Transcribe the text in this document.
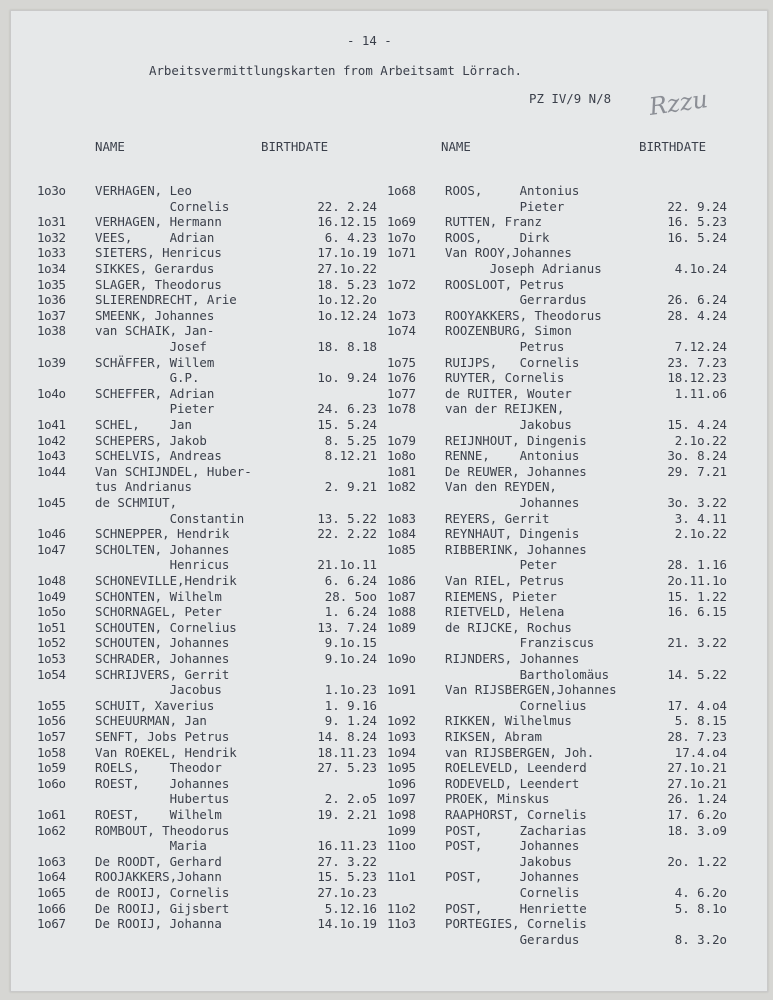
- 14 -
Arbeitsvermittlungskarten from Arbeitsamt Lörrach.
PZ IV/9 N/8 Rzzu
NAME	BIRTHDATE	NAME	BIRTHDATE
1o3o VERHAGEN, Leo
Cornelis	22. 2.24
1o31 VERHAGEN, Hermann	16.12.15
1o32 VEES,     Adrian	6. 4.23
1o33 SIETERS, Henricus	17.1o.19
1o34 SIKKES, Gerardus	27.1o.22
1o35 SLAGER, Theodorus	18. 5.23
1o36 SLIERENDRECHT, Arie	1o.12.2o
1o37 SMEENK, Johannes	1o.12.24
1o38 van SCHAIK, Jan-
Josef	18. 8.18
1o39 SCHÄFFER, Willem
G.P.	1o. 9.24
1o4o SCHEFFER, Adrian
Pieter	24. 6.23
1o41 SCHEL,    Jan	15. 5.24
1o42 SCHEPERS, Jakob	8. 5.25
1o43 SCHELVIS, Andreas	8.12.21
1o44 Van SCHIJNDEL, Huber-
tus Andrianus	2. 9.21
1o45 de SCHMIUT,
Constantin	13. 5.22
1o46 SCHNEPPER, Hendrik	22. 2.22
1o47 SCHOLTEN, Johannes
Henricus	21.1o.11
1o48 SCHONEVILLE,Hendrik	6. 6.24
1o49 SCHONTEN, Wilhelm	28. 5oo
1o5o SCHORNAGEL, Peter	1. 6.24
1o51 SCHOUTEN, Cornelius	13. 7.24
1o52 SCHOUTEN, Johannes	9.1o.15
1o53 SCHRADER, Johannes	9.1o.24
1o54 SCHRIJVERS, Gerrit
Jacobus	1.1o.23
1o55 SCHUIT, Xaverius	1. 9.16
1o56 SCHEUURMAN, Jan	9. 1.24
1o57 SENFT, Jobs Petrus	14. 8.24
1o58 Van ROEKEL, Hendrik	18.11.23
1o59 ROELS,    Theodor	27. 5.23
1o6o ROEST,    Johannes
Hubertus	2. 2.o5
1o61 ROEST,    Wilhelm	19. 2.21
1o62 ROMBOUT, Theodorus
Maria	16.11.23
1o63 De ROODT, Gerhard	27. 3.22
1o64 ROOJAKKERS,Johann	15. 5.23
1o65 de ROOIJ, Cornelis	27.1o.23
1o66 De ROOIJ, Gijsbert	5.12.16
1o67 De ROOIJ, Johanna	14.1o.19
1o68 ROOS,     Antonius
Pieter	22. 9.24
1o69 RUTTEN, Franz	16. 5.23
1o7o ROOS,     Dirk	16. 5.24
1o71 Van ROOY,Johannes
Joseph Adrianus	4.1o.24
1o72 ROOSLOOT, Petrus
Gerrardus	26. 6.24
1o73 ROOYAKKERS, Theodorus	28. 4.24
1o74 ROOZENBURG, Simon
Petrus	7.12.24
1o75 RUIJPS,   Cornelis	23. 7.23
1o76 RUYTER, Cornelis	18.12.23
1o77 de RUITER, Wouter	1.11.o6
1o78 van der REIJKEN,
Jakobus	15. 4.24
1o79 REIJNHOUT, Dingenis	2.1o.22
1o8o RENNE,    Antonius	3o. 8.24
1o81 De REUWER, Johannes	29. 7.21
1o82 Van den REYDEN,
Johannes	3o. 3.22
1o83 REYERS, Gerrit	3. 4.11
1o84 REYNHAUT, Dingenis	2.1o.22
1o85 RIBBERINK, Johannes
Peter	28. 1.16
1o86 Van RIEL, Petrus	2o.11.1o
1o87 RIEMENS, Pieter	15. 1.22
1o88 RIETVELD, Helena	16. 6.15
1o89 de RIJCKE, Rochus
Franziscus	21. 3.22
1o9o RIJNDERS, Johannes
Bartholomäus	14. 5.22
1o91 Van RIJSBERGEN,Johannes
Cornelius	17. 4.o4
1o92 RIKKEN, Wilhelmus	5. 8.15
1o93 RIKSEN, Abram	28. 7.23
1o94 van RIJSBERGEN, Joh.	17.4.o4
1o95 ROELEVELD, Leenderd	27.1o.21
1o96 RODEVELD, Leendert	27.1o.21
1o97 PROEK, Minskus	26. 1.24
1o98 RAAPHORST, Cornelis	17. 6.2o
1o99 POST,     Zacharias	18. 3.o9
11oo POST,     Johannes
Jakobus	2o. 1.22
11o1 POST,     Johannes
Cornelis	4. 6.2o
11o2 POST,     Henriette	5. 8.1o
11o3 PORTEGIES, Cornelis
Gerardus	8. 3.2o
